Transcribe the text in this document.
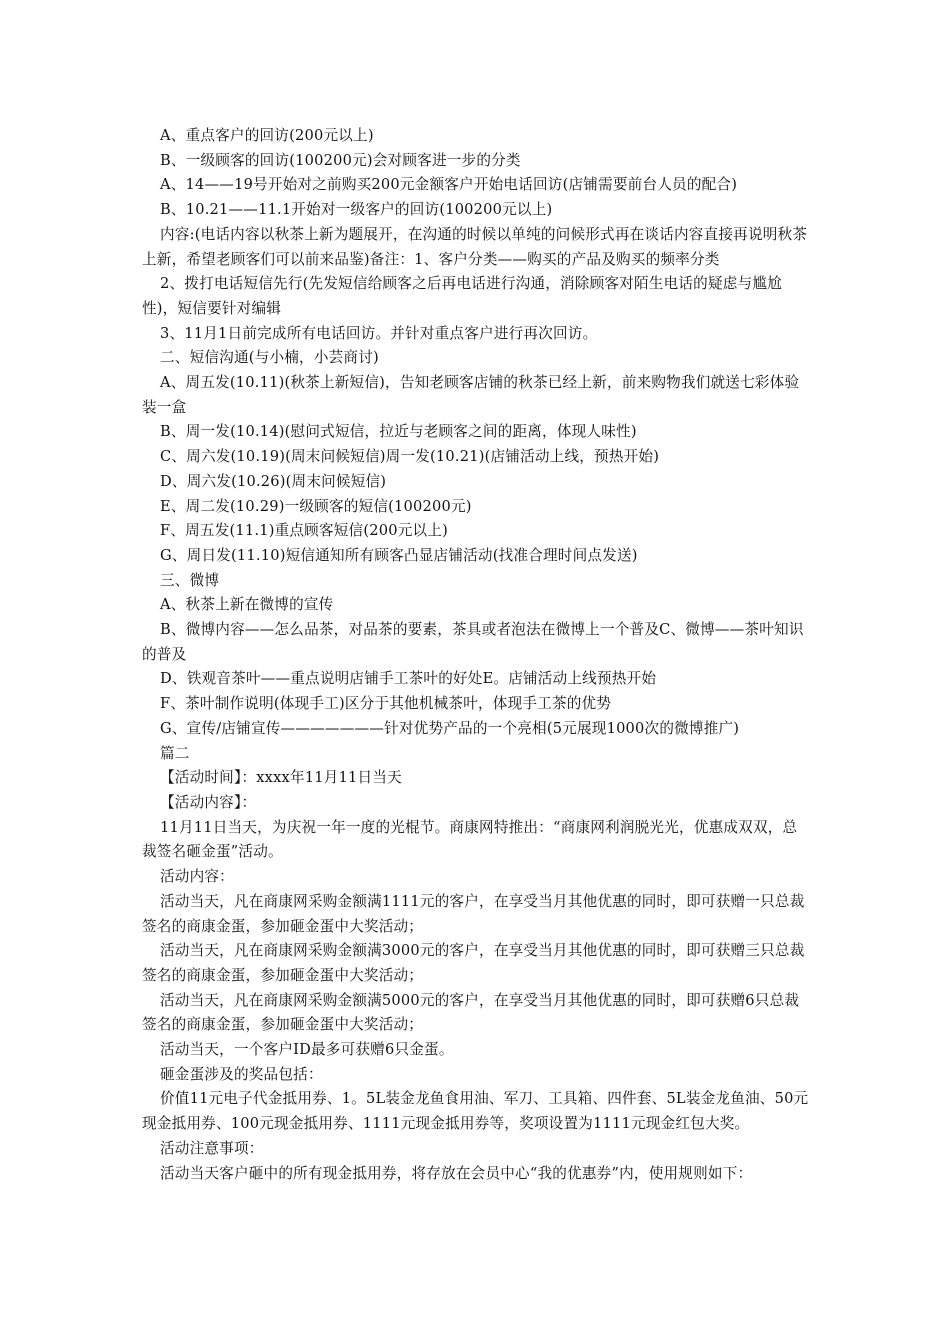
A、重点客户的回访(200元以上)

B、一级顾客的回访(100200元)会对顾客进一步的分类

A、14——19号开始对之前购买200元金额客户开始电话回访(店铺需要前台人员的配合)

B、10.21——11.1开始对一级客户的回访(100200元以上)

内容:(电话内容以秋茶上新为题展开，在沟通的时候以单纯的问候形式再在谈话内容直接再说明秋茶上新，希望老顾客们可以前来品鉴)备注：1、客户分类——购买的产品及购买的频率分类

2、拨打电话短信先行(先发短信给顾客之后再电话进行沟通，消除顾客对陌生电话的疑虑与尴尬性)，短信要针对编辑

3、11月1日前完成所有电话回访。并针对重点客户进行再次回访。

二、短信沟通(与小楠，小芸商讨)

A、周五发(10.11)(秋茶上新短信)，告知老顾客店铺的秋茶已经上新，前来购物我们就送七彩体验装一盒

B、周一发(10.14)(慰问式短信，拉近与老顾客之间的距离，体现人味性)

C、周六发(10.19)(周末问候短信)周一发(10.21)(店铺活动上线，预热开始)

D、周六发(10.26)(周末问候短信)

E、周二发(10.29)一级顾客的短信(100200元)

F、周五发(11.1)重点顾客短信(200元以上)

G、周日发(11.10)短信通知所有顾客凸显店铺活动(找准合理时间点发送)

三、微博

A、秋茶上新在微博的宣传

B、微博内容——怎么品茶，对品茶的要素，茶具或者泡法在微博上一个普及C、微博——茶叶知识的普及

D、铁观音茶叶——重点说明店铺手工茶叶的好处E。店铺活动上线预热开始

F、茶叶制作说明(体现手工)区分于其他机械茶叶，体现手工茶的优势

G、宣传/店铺宣传———————针对优势产品的一个亮相(5元展现1000次的微博推广)

篇二

【活动时间】：xxxx年11月11日当天

【活动内容】：

11月11日当天，为庆祝一年一度的光棍节。商康网特推出：“商康网利润脱光光，优惠成双双，总裁签名砸金蛋”活动。

活动内容：

活动当天，凡在商康网采购金额满1111元的客户，在享受当月其他优惠的同时，即可获赠一只总裁签名的商康金蛋，参加砸金蛋中大奖活动；

活动当天，凡在商康网采购金额满3000元的客户，在享受当月其他优惠的同时，即可获赠三只总裁签名的商康金蛋，参加砸金蛋中大奖活动；

活动当天，凡在商康网采购金额满5000元的客户，在享受当月其他优惠的同时，即可获赠6只总裁签名的商康金蛋，参加砸金蛋中大奖活动；

活动当天，一个客户ID最多可获赠6只金蛋。

砸金蛋涉及的奖品包括：

价值11元电子代金抵用券、1。5L装金龙鱼食用油、军刀、工具箱、四件套、5L装金龙鱼油、50元现金抵用券、100元现金抵用券、1111元现金抵用券等，奖项设置为1111元现金红包大奖。

活动注意事项：

活动当天客户砸中的所有现金抵用券，将存放在会员中心“我的优惠券”内，使用规则如下：
